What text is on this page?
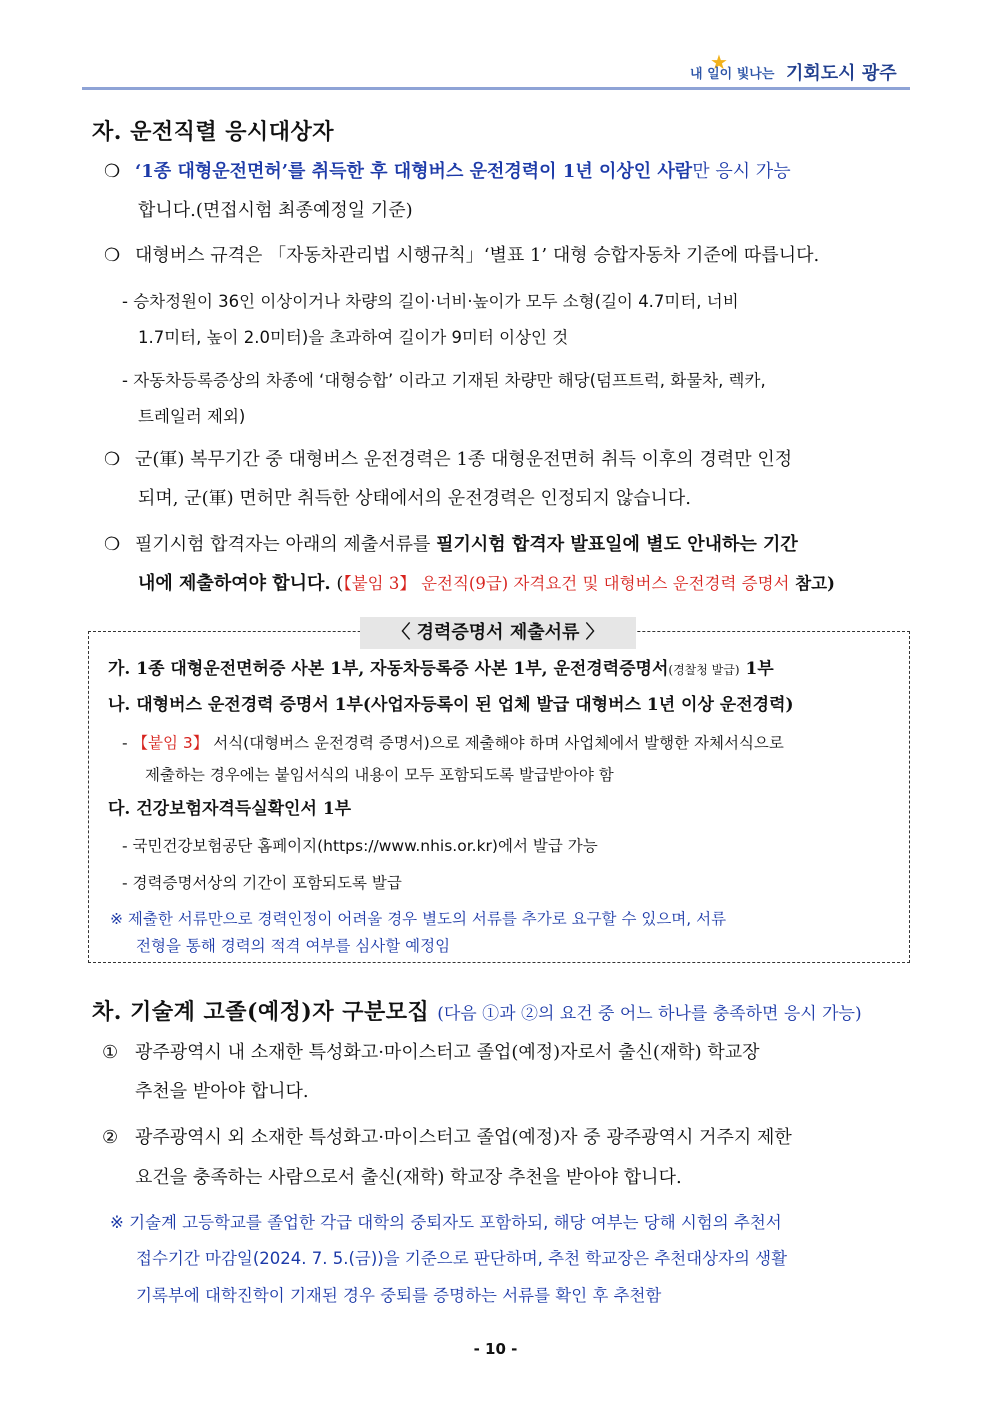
★
내 일이 빛나는 기회도시 광주
자. 운전직렬 응시대상자
❍ ‘1종 대형운전면허’를 취득한 후 대형버스 운전경력이 1년 이상인 사람만 응시 가능
합니다.(면접시험 최종예정일 기준)
❍ 대형버스 규격은 「자동차관리법 시행규칙」‘별표 1’ 대형 승합자동차 기준에 따릅니다.
- 승차정원이 36인 이상이거나 차량의 길이·너비·높이가 모두 소형(길이 4.7미터, 너비
1.7미터, 높이 2.0미터)을 초과하여 길이가 9미터 이상인 것
- 자동차등록증상의 차종에 ‘대형승합’ 이라고 기재된 차량만 해당(덤프트럭, 화물차, 렉카,
트레일러 제외)
❍ 군(軍) 복무기간 중 대형버스 운전경력은 1종 대형운전면허 취득 이후의 경력만 인정
되며, 군(軍) 면허만 취득한 상태에서의 운전경력은 인정되지 않습니다.
❍ 필기시험 합격자는 아래의 제출서류를 필기시험 합격자 발표일에 별도 안내하는 기간
내에 제출하여야 합니다. (【붙임 3】 운전직(9급) 자격요건 및 대형버스 운전경력 증명서 참고)
〈 경력증명서 제출서류 〉
가. 1종 대형운전면허증 사본 1부, 자동차등록증 사본 1부, 운전경력증명서(경찰청 발급) 1부
나. 대형버스 운전경력 증명서 1부(사업자등록이 된 업체 발급 대형버스 1년 이상 운전경력)
- 【붙임 3】 서식(대형버스 운전경력 증명서)으로 제출해야 하며 사업체에서 발행한 자체서식으로
제출하는 경우에는 붙임서식의 내용이 모두 포함되도록 발급받아야 함
다. 건강보험자격득실확인서 1부
- 국민건강보험공단 홈페이지(https://www.nhis.or.kr)에서 발급 가능
- 경력증명서상의 기간이 포함되도록 발급
※ 제출한 서류만으로 경력인정이 어려울 경우 별도의 서류를 추가로 요구할 수 있으며, 서류
전형을 통해 경력의 적격 여부를 심사할 예정임
차. 기술계 고졸(예정)자 구분모집 (다음 ①과 ②의 요건 중 어느 하나를 충족하면 응시 가능)
① 광주광역시 내 소재한 특성화고·마이스터고 졸업(예정)자로서 출신(재학) 학교장
추천을 받아야 합니다.
② 광주광역시 외 소재한 특성화고·마이스터고 졸업(예정)자 중 광주광역시 거주지 제한
요건을 충족하는 사람으로서 출신(재학) 학교장 추천을 받아야 합니다.
※ 기술계 고등학교를 졸업한 각급 대학의 중퇴자도 포함하되, 해당 여부는 당해 시험의 추천서
접수기간 마감일(2024. 7. 5.(금))을 기준으로 판단하며, 추천 학교장은 추천대상자의 생활
기록부에 대학진학이 기재된 경우 중퇴를 증명하는 서류를 확인 후 추천함
- 10 -
